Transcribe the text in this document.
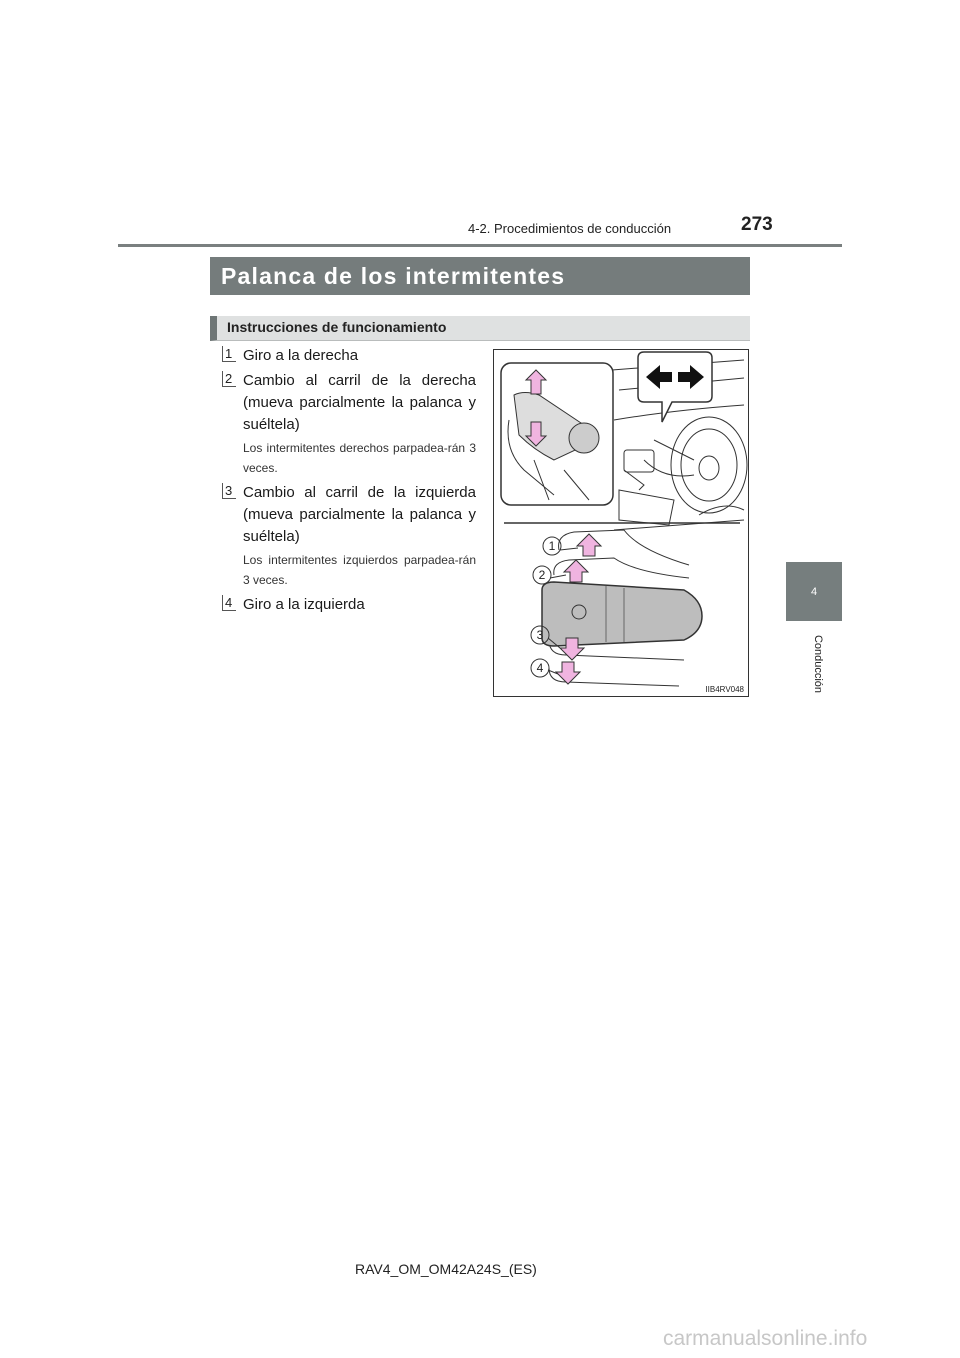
4-2. Procedimientos de conducción	273
4
Conducción
Palanca de los intermitentes
Instrucciones de funcionamiento
1 Giro a la derecha
2 Cambio al carril de la derecha (mueva parcialmente la palanca y suéltela)
Los intermitentes derechos parpadea-rán 3 veces.
3 Cambio al carril de la izquierda (mueva parcialmente la palanca y suéltela)
Los intermitentes izquierdos parpadea-rán 3 veces.
4 Giro a la izquierda
1
2
3
4
IIB4RV048
RAV4_OM_OM42A24S_(ES)
carmanualsonline.info
